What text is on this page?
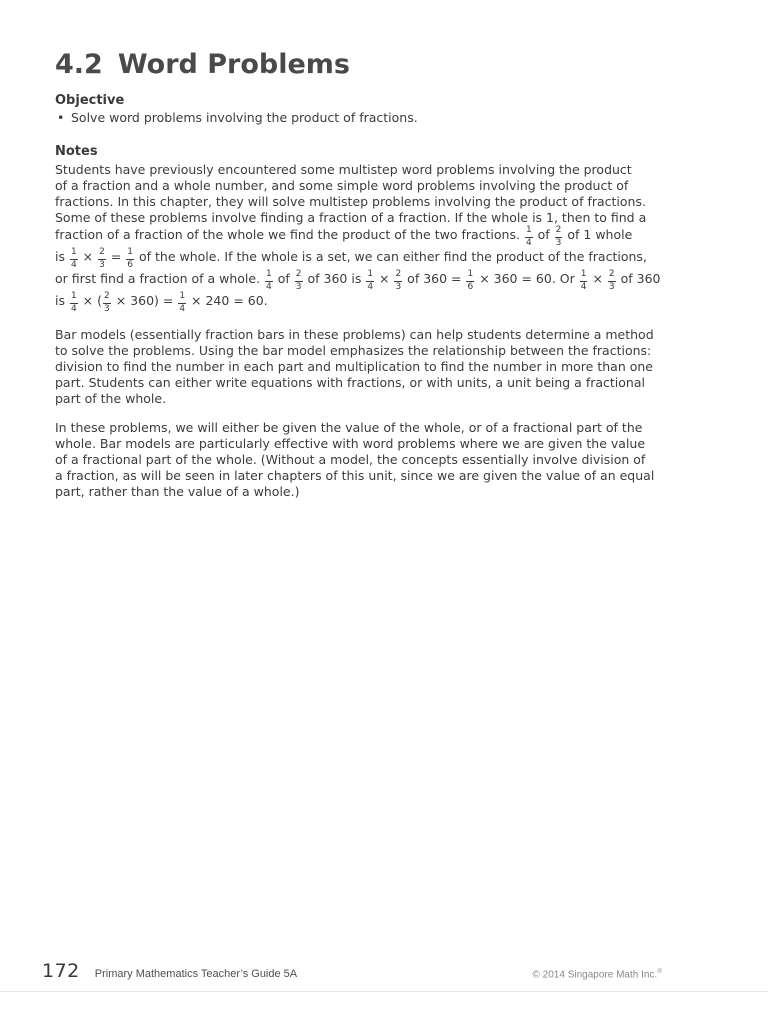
4.2 Word Problems
Objective
• Solve word problems involving the product of fractions.
Notes
Students have previously encountered some multistep word problems involving the product
of a fraction and a whole number, and some simple word problems involving the product of
fractions. In this chapter, they will solve multistep problems involving the product of fractions.
Some of these problems involve finding a fraction of a fraction. If the whole is 1, then to find a
fraction of a fraction of the whole we find the product of the two fractions. $\frac{1}{4}$ of $\frac{2}{3}$ of 1 whole
is $\frac{1}{4} \times \frac{2}{3} = \frac{1}{6}$ of the whole. If the whole is a set, we can either find the product of the fractions,
or first find a fraction of a whole. $\frac{1}{4}$ of $\frac{2}{3}$ of 360 is $\frac{1}{4} \times \frac{2}{3}$ of $360 = \frac{1}{6} \times 360 = 60$. Or $\frac{1}{4} \times \frac{2}{3}$ of 360
is $\frac{1}{4}$ × ( $\frac{2}{3} \times 360) = \frac{1}{4} \times 240 = 60$.
Bar models (essentially fraction bars in these problems) can help students determine a method
to solve the problems. Using the bar model emphasizes the relationship between the fractions:
division to find the number in each part and multiplication to find the number in more than one
part. Students can either write equations with fractions, or with units, a unit being a fractional
part of the whole.
In these problems, we will either be given the value of the whole, or of a fractional part of the
whole. Bar models are particularly effective with word problems where we are given the value
of a fractional part of the whole. (Without a model, the concepts essentially involve division of
a fraction, as will be seen in later chapters of this unit, since we are given the value of an equal
part, rather than the value of a whole.)
172 Primary Mathematics Teacher’s Guide 5A	© 2014 Singapore Math Inc.®
